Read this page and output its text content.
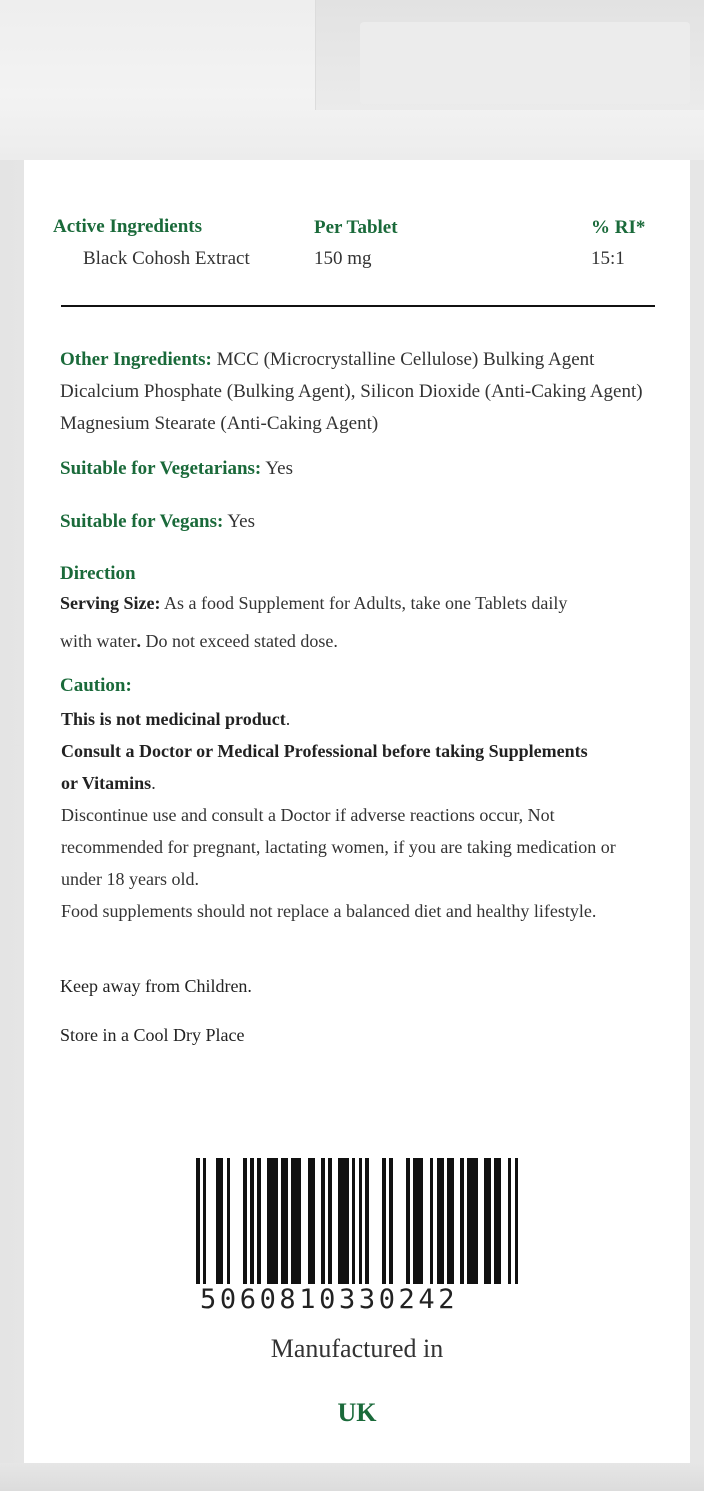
Active Ingredients	Per Tablet	% RI*
Black Cohosh Extract	150 mg	15:1
Other Ingredients: MCC (Microcrystalline Cellulose) Bulking Agent
Dicalcium Phosphate (Bulking Agent), Silicon Dioxide (Anti-Caking Agent)
Magnesium Stearate (Anti-Caking Agent)
Suitable for Vegetarians: Yes
Suitable for Vegans: Yes
Direction
Serving Size: As a food Supplement for Adults, take one Tablets daily
with water. Do not exceed stated dose.
Caution:
This is not medicinal product.
Consult a Doctor or Medical Professional before taking Supplements
or Vitamins.
Discontinue use and consult a Doctor if adverse reactions occur, Not
recommended for pregnant, lactating women, if you are taking medication or
under 18 years old.
Food supplements should not replace a balanced diet and healthy lifestyle.
Keep away from Children.
Store in a Cool Dry Place
5060810330242
Manufactured in
UK
